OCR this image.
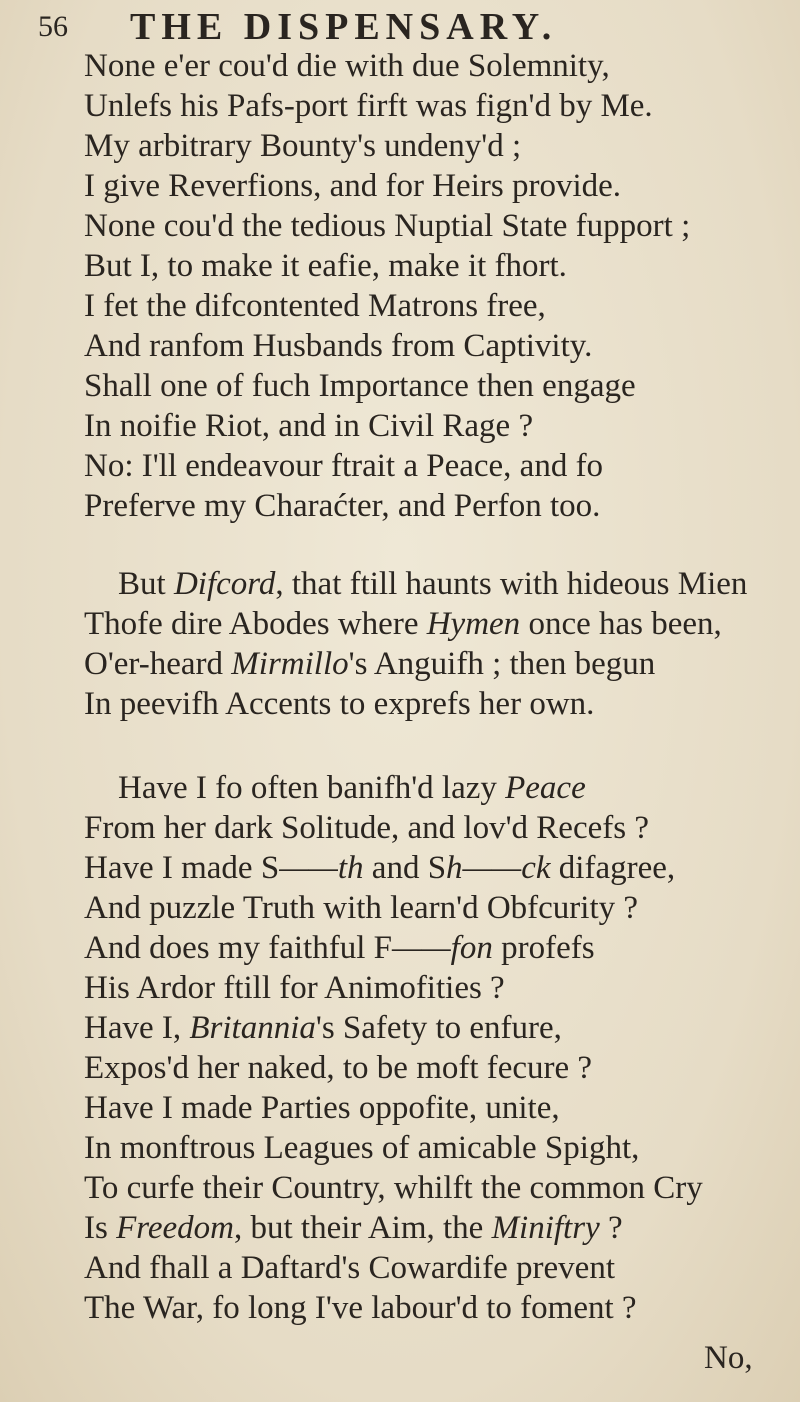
56 THE DISPENSARY.
None e'er cou'd die with due Solemnity,
Unlefs his Pafs-port firft was fign'd by Me.
My arbitrary Bounty's undeny'd ;
I give Reverfions, and for Heirs provide.
None cou'd the tedious Nuptial State fupport ;
But I, to make it eafie, make it fhort.
I fet the difcontented Matrons free,
And ranfom Husbands from Captivity.
Shall one of fuch Importance then engage
In noifie Riot, and in Civil Rage ?
No: I'll endeavour ftrait a Peace, and fo
Preferve my Charaćter, and Perfon too.
But Difcord, that ftill haunts with hideous Mien
Thofe dire Abodes where Hymen once has been,
O'er-heard Mirmillo's Anguifh ; then begun
In peevifh Accents to exprefs her own.
Have I fo often banifh'd lazy Peace
From her dark Solitude, and lov'd Recefs ?
Have I made S——th and Sh——ck difagree,
And puzzle Truth with learn'd Obfcurity ?
And does my faithful F——fon profefs
His Ardor ftill for Animofities ?
Have I, Britannia's Safety to enfure,
Expos'd her naked, to be moft fecure ?
Have I made Parties oppofite, unite,
In monftrous Leagues of amicable Spight,
To curfe their Country, whilft the common Cry
Is Freedom, but their Aim, the Miniftry ?
And fhall a Daftard's Cowardife prevent
The War, fo long I've labour'd to foment ?
No,
